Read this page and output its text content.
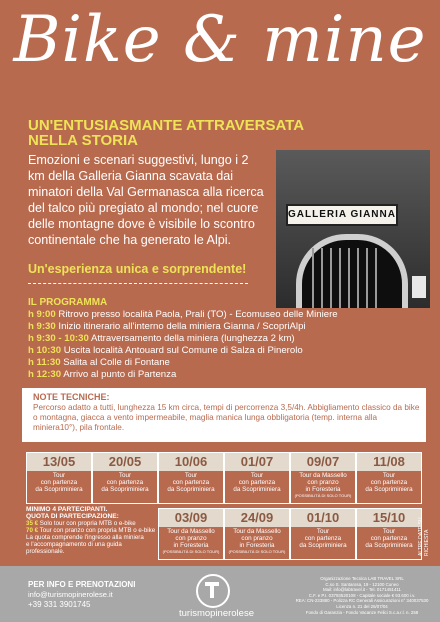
Bike & mine
UN'ENTUSIASMANTE ATTRAVERSATA NELLA STORIA
Emozioni e scenari suggestivi, lungo i 2 km della Galleria Gianna scavata dai minatori della Val Germanasca alla ricerca del talco più pregiato al mondo; nel cuore delle montagne dove è visibile lo scontro continentale che ha generato le Alpi.
GALLERIA GIANNA
Un'esperienza unica e sorprendente!
IL PROGRAMMA
h 9:00 Ritrovo presso località Paola, Prali (TO) - Ecomuseo delle Miniere
h 9:30 Inizio itinerario all'interno della miniera Gianna / ScopriAlpi
h 9:30 - 10:30 Attraversamento della miniera (lunghezza 2 km)
h 10:30 Uscita località Antouard sul Comune di Salza di Pinerolo
h 11:30 Salita al Colle di Fontane
h 12:30 Arrivo al punto di Partenza
NOTE TECNICHE:
Percorso adatto a tutti, lunghezza 15 km circa, tempi di percorrenza 3,5/4h. Abbigliamento classico da bike o montagna, giacca a vento impermeabile, maglia manica lunga obbligatoria (temp. interna alla miniera10°), pila frontale.
13/05
Tour
con partenza
da Scopriminiera
20/05
Tour
con partenza
da Scopriminiera
10/06
Tour
con partenza
da Scopriminiera
01/07
Tour
con partenza
da Scopriminiera
09/07
Tour da Massello
con pranzo
in Foresteria
(POSSIBILITÀ DI SOLO TOUR)
11/08
Tour
con partenza
da Scopriminiera
MINIMO 4 PARTECIPANTI.
QUOTA DI PARTECIPAZIONE:
35 € Solo tour con propria MTB o e-bike
70 € Tour con pranzo con propria MTB o e-bike
La quota comprende l'ingresso alla miniera
e l'accompagnamento di una guida professionale.
03/09
Tour da Massello
con pranzo
in Foresteria
(POSSIBILITÀ DI SOLO TOUR)
24/09
Tour da Massello
con pranzo
in Foresteria
(POSSIBILITÀ DI SOLO TOUR)
01/10
Tour
con partenza
da Scopriminiera
15/10
Tour
con partenza
da Scopriminiera	ALTRE DATE SU RICHIESTA
PER INFO E PRENOTAZIONI
info@turismopinerolese.it
+39 331 3901745
turismopinerolese
Organizzazione Tecnica LAB TRAVEL SRL
C.so S. Santarosa, 19 - 12100 Cuneo
Mail: info@labtravel.it - Tel. 0171451411
C.F. e P.I. 03793520108 - Capitale sociale € 93.600 i.v.
REA: CN-233880 - Polizza RC Generali Assicurazioni n° 340037530
Licenza n. 21 del 26/07/04
Fondo di Garanzia - Fondo Vacanze Felici S.c.a.r.l. n. 258
